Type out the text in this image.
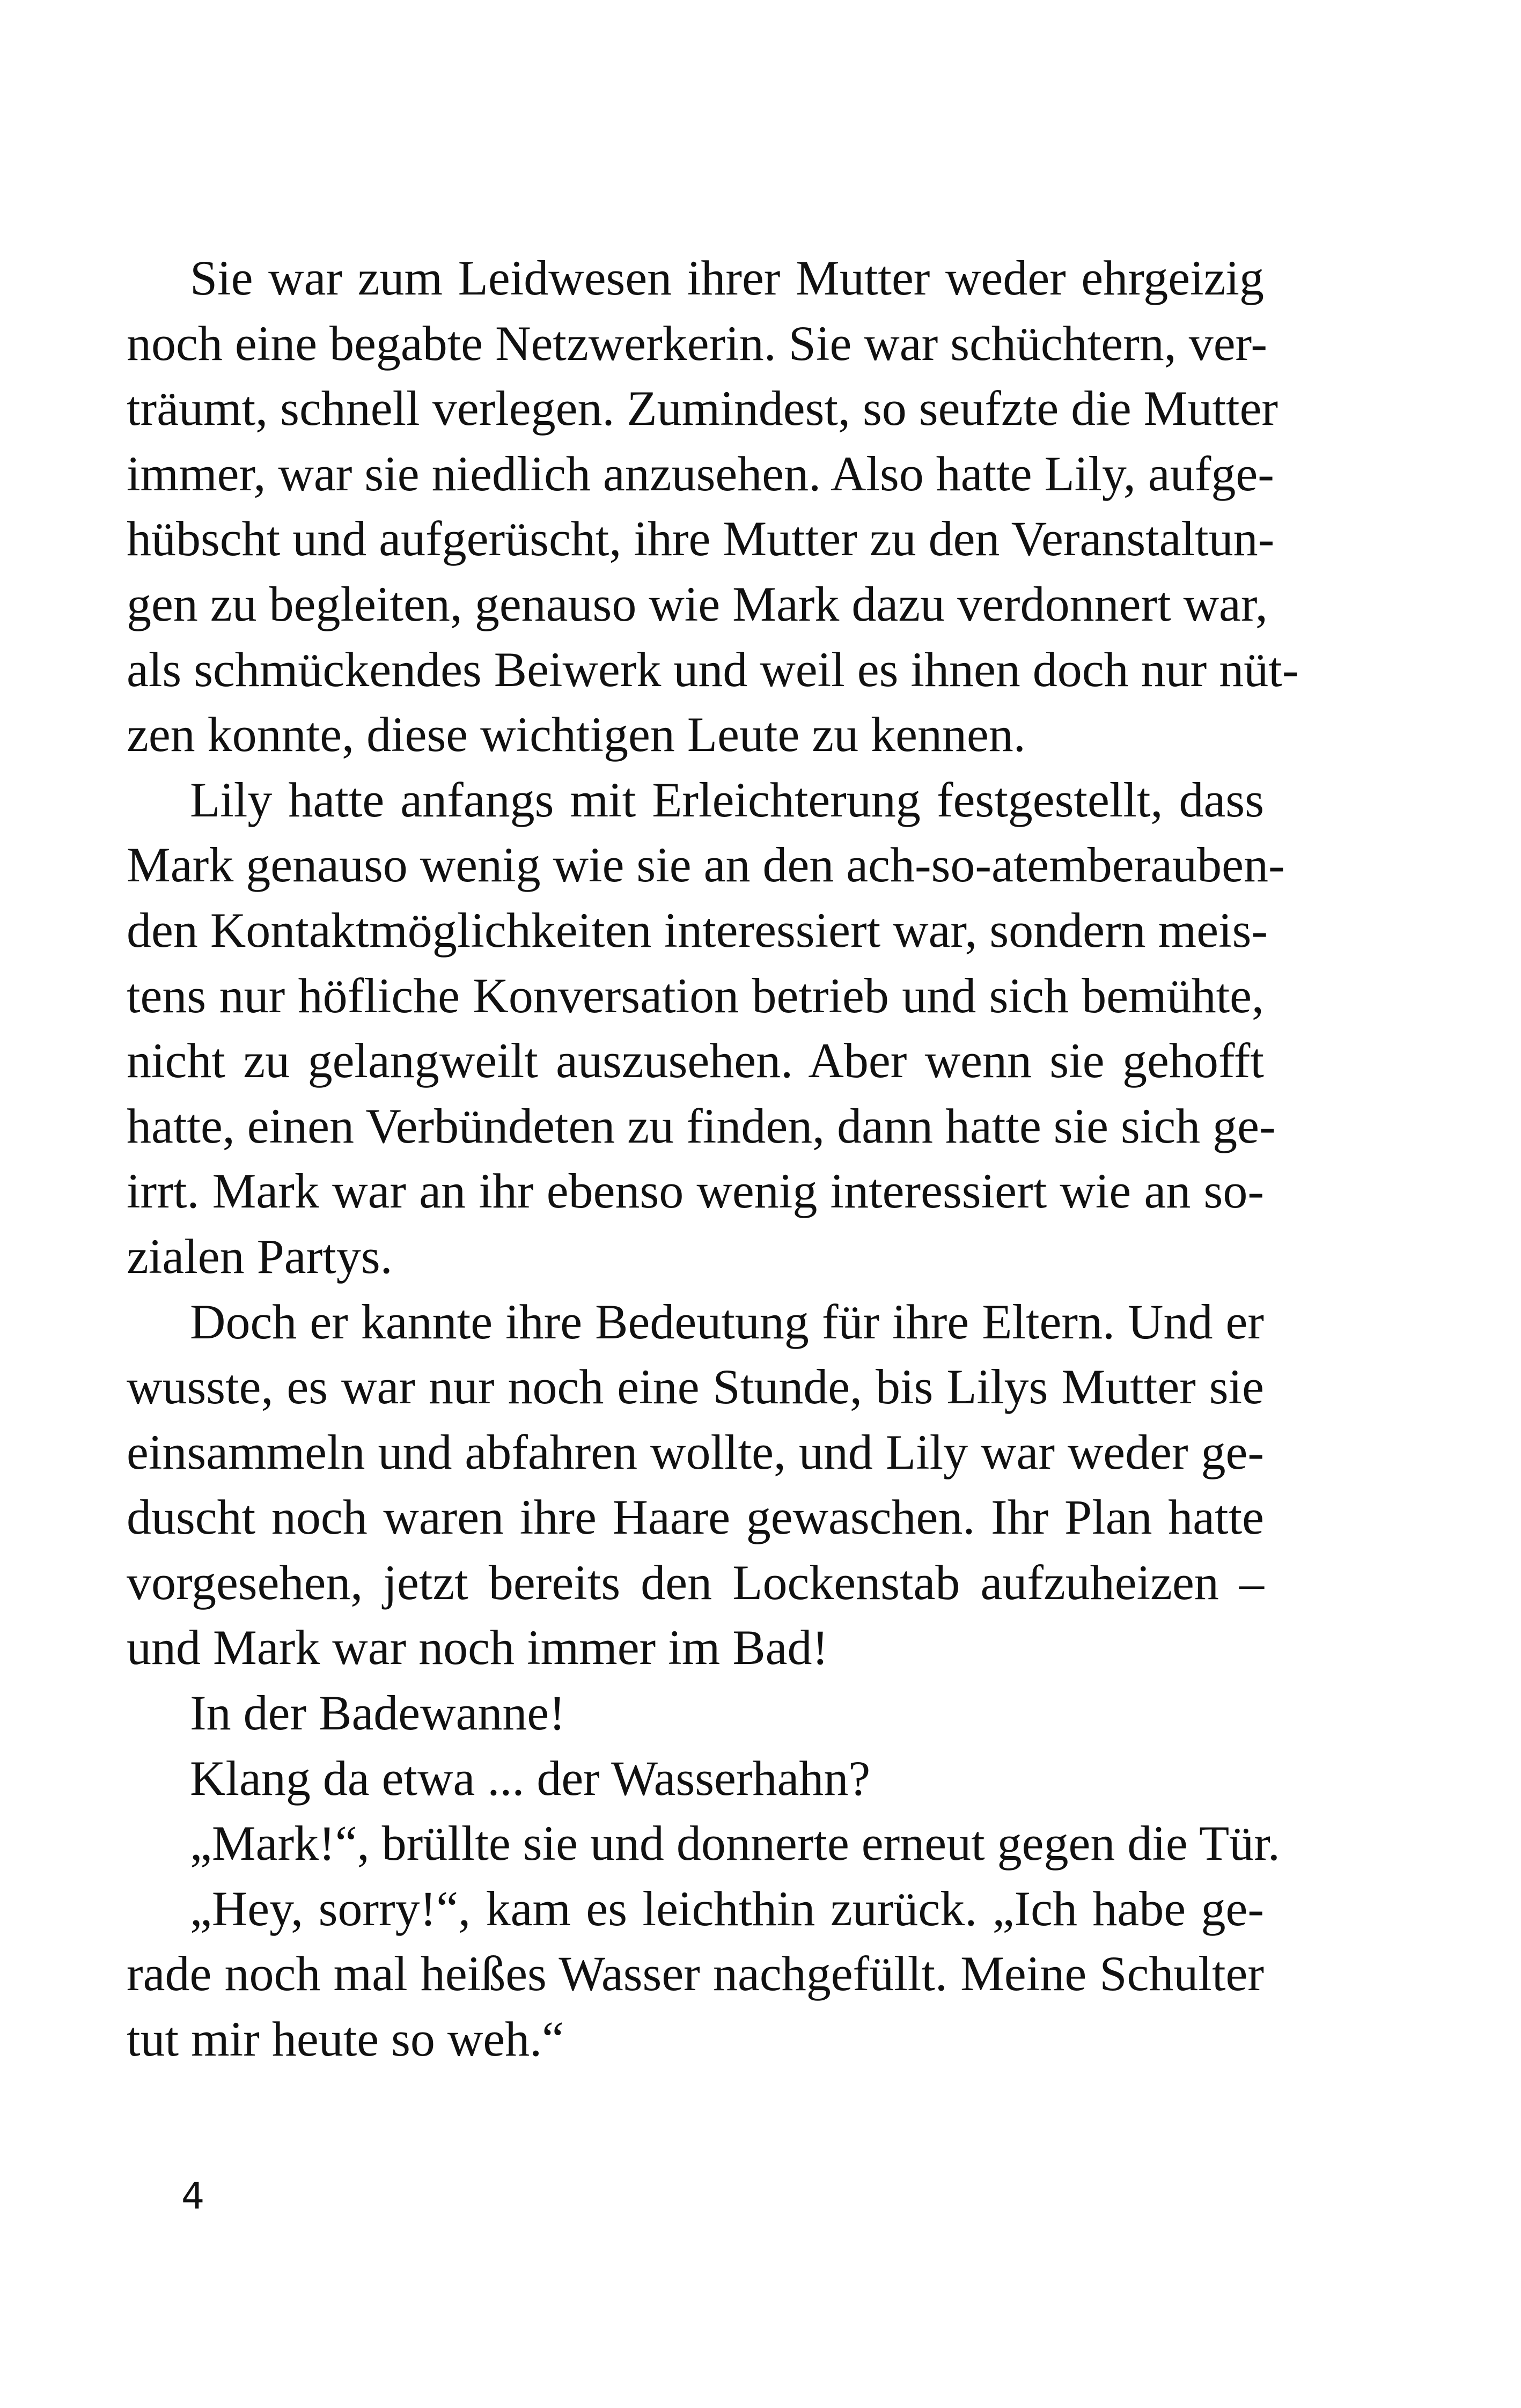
Sie war zum Leidwesen ihrer Mutter weder ehrgeizig
noch eine begabte Netzwerkerin. Sie war schüchtern, ver-
träumt, schnell verlegen. Zumindest, so seufzte die Mutter
immer, war sie niedlich anzusehen. Also hatte Lily, aufge-
hübscht und aufgerüscht, ihre Mutter zu den Veranstaltun-
gen zu begleiten, genauso wie Mark dazu verdonnert war,
als schmückendes Beiwerk und weil es ihnen doch nur nüt-
zen konnte, diese wichtigen Leute zu kennen.
Lily hatte anfangs mit Erleichterung festgestellt, dass
Mark genauso wenig wie sie an den ach-so-atemberauben-
den Kontaktmöglichkeiten interessiert war, sondern meis-
tens nur höfliche Konversation betrieb und sich bemühte,
nicht zu gelangweilt auszusehen. Aber wenn sie gehofft
hatte, einen Verbündeten zu finden, dann hatte sie sich ge-
irrt. Mark war an ihr ebenso wenig interessiert wie an so-
zialen Partys.
Doch er kannte ihre Bedeutung für ihre Eltern. Und er
wusste, es war nur noch eine Stunde, bis Lilys Mutter sie
einsammeln und abfahren wollte, und Lily war weder ge-
duscht noch waren ihre Haare gewaschen. Ihr Plan hatte
vorgesehen, jetzt bereits den Lockenstab aufzuheizen –
und Mark war noch immer im Bad!
In der Badewanne!
Klang da etwa ... der Wasserhahn?
„Mark!“, brüllte sie und donnerte erneut gegen die Tür.
„Hey, sorry!“, kam es leichthin zurück. „Ich habe ge-
rade noch mal heißes Wasser nachgefüllt. Meine Schulter
tut mir heute so weh.“
4
